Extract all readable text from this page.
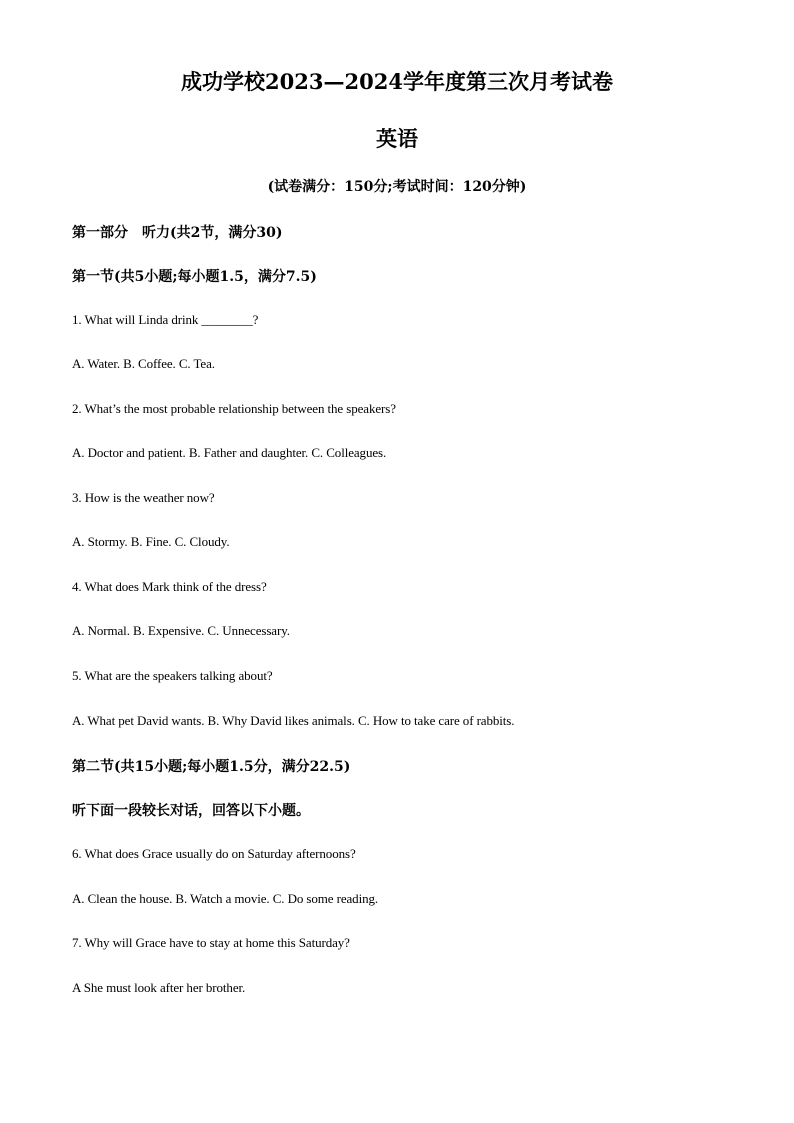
成功学校2023—2024学年度第三次月考试卷
英语

(试卷满分：150分;考试时间：120分钟)

第一部分　听力(共2节，满分30)

第一节(共5小题;每小题1.5，满分7.5)

1. What will Linda drink ________?

A. Water. B. Coffee. C. Tea.

2. What’s the most probable relationship between the speakers?

A. Doctor and patient. B. Father and daughter. C. Colleagues.

3. How is the weather now?

A. Stormy. B. Fine. C. Cloudy.

4. What does Mark think of the dress?

A. Normal. B. Expensive. C. Unnecessary.

5. What are the speakers talking about?

A. What pet David wants. B. Why David likes animals. C. How to take care of rabbits.

第二节(共15小题;每小题1.5分，满分22.5)

听下面一段较长对话，回答以下小题。

6. What does Grace usually do on Saturday afternoons?

A. Clean the house. B. Watch a movie. C. Do some reading.

7. Why will Grace have to stay at home this Saturday?

A She must look after her brother.
